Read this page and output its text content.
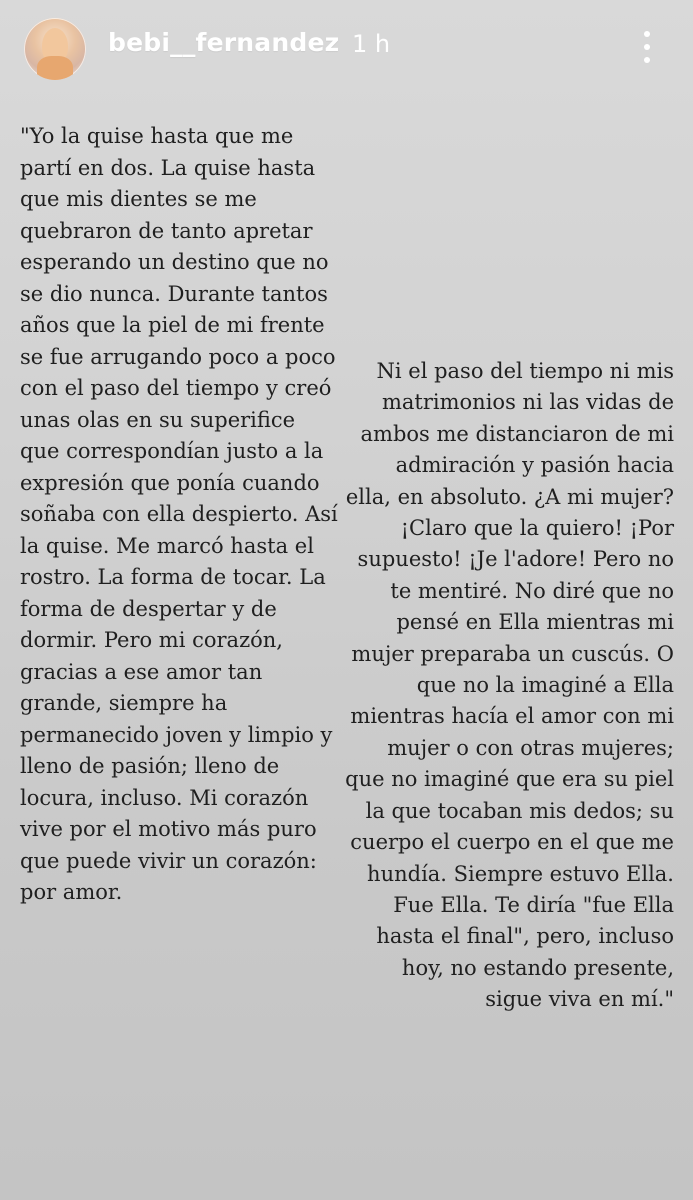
bebi__fernandez 1 h

"Yo la quise hasta que me partí en dos. La quise hasta que mis dientes se me quebraron de tanto apretar esperando un destino que no se dio nunca. Durante tantos años que la piel de mi frente se fue arrugando poco a poco con el paso del tiempo y creó unas olas en su superifice que correspondían justo a la expresión que ponía cuando soñaba con ella despierto. Así la quise. Me marcó hasta el rostro. La forma de tocar. La forma de despertar y de dormir. Pero mi corazón, gracias a ese amor tan grande, siempre ha permanecido joven y limpio y lleno de pasión; lleno de locura, incluso. Mi corazón vive por el motivo más puro que puede vivir un corazón: por amor.

Ni el paso del tiempo ni mis matrimonios ni las vidas de ambos me distanciaron de mi admiración y pasión hacia ella, en absoluto. ¿A mi mujer? ¡Claro que la quiero! ¡Por supuesto! ¡Je l'adore! Pero no te mentiré. No diré que no pensé en Ella mientras mi mujer preparaba un cuscús. O que no la imaginé a Ella mientras hacía el amor con mi mujer o con otras mujeres; que no imaginé que era su piel la que tocaban mis dedos; su cuerpo el cuerpo en el que me hundía. Siempre estuvo Ella. Fue Ella. Te diría "fue Ella hasta el final", pero, incluso hoy, no estando presente, sigue viva en mí."
